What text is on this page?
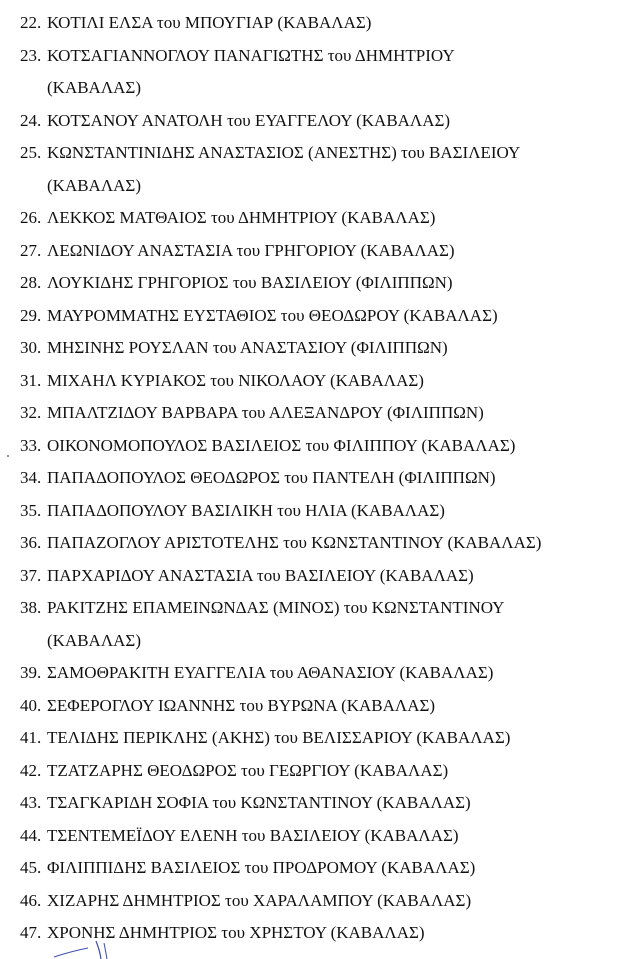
22. ΚΟΤΙΛΙ ΕΛΣΑ του ΜΠΟΥΓΙΑΡ (ΚΑΒΑΛΑΣ)
23. ΚΟΤΣΑΓΙΑΝΝΟΓΛΟΥ ΠΑΝΑΓΙΩΤΗΣ του ΔΗΜΗΤΡΙΟΥ
(ΚΑΒΑΛΑΣ)
24. ΚΟΤΣΑΝΟΥ ΑΝΑΤΟΛΗ του ΕΥΑΓΓΕΛΟΥ (ΚΑΒΑΛΑΣ)
25. ΚΩΝΣΤΑΝΤΙΝΙΔΗΣ ΑΝΑΣΤΑΣΙΟΣ (ΑΝΕΣΤΗΣ) του ΒΑΣΙΛΕΙΟΥ
(ΚΑΒΑΛΑΣ)
26. ΛΕΚΚΟΣ ΜΑΤΘΑΙΟΣ του ΔΗΜΗΤΡΙΟΥ (ΚΑΒΑΛΑΣ)
27. ΛΕΩΝΙΔΟΥ ΑΝΑΣΤΑΣΙΑ του ΓΡΗΓΟΡΙΟΥ (ΚΑΒΑΛΑΣ)
28. ΛΟΥΚΙΔΗΣ ΓΡΗΓΟΡΙΟΣ του ΒΑΣΙΛΕΙΟΥ (ΦΙΛΙΠΠΩΝ)
29. ΜΑΥΡΟΜΜΑΤΗΣ ΕΥΣΤΑΘΙΟΣ του ΘΕΟΔΩΡΟΥ (ΚΑΒΑΛΑΣ)
30. ΜΗΣΙΝΗΣ ΡΟΥΣΛΑΝ του ΑΝΑΣΤΑΣΙΟΥ (ΦΙΛΙΠΠΩΝ)
31. ΜΙΧΑΗΛ ΚΥΡΙΑΚΟΣ του ΝΙΚΟΛΑΟΥ (ΚΑΒΑΛΑΣ)
32. ΜΠΑΛΤΖΙΔΟΥ ΒΑΡΒΑΡΑ του ΑΛΕΞΑΝΔΡΟΥ (ΦΙΛΙΠΠΩΝ)
33. ΟΙΚΟΝΟΜΟΠΟΥΛΟΣ ΒΑΣΙΛΕΙΟΣ του ΦΙΛΙΠΠΟΥ (ΚΑΒΑΛΑΣ)
34. ΠΑΠΑΔΟΠΟΥΛΟΣ ΘΕΟΔΩΡΟΣ του ΠΑΝΤΕΛΗ (ΦΙΛΙΠΠΩΝ)
35. ΠΑΠΑΔΟΠΟΥΛΟΥ ΒΑΣΙΛΙΚΗ του ΗΛΙΑ (ΚΑΒΑΛΑΣ)
36. ΠΑΠΑΖΟΓΛΟΥ ΑΡΙΣΤΟΤΕΛΗΣ του ΚΩΝΣΤΑΝΤΙΝΟΥ (ΚΑΒΑΛΑΣ)
37. ΠΑΡΧΑΡΙΔΟΥ ΑΝΑΣΤΑΣΙΑ του ΒΑΣΙΛΕΙΟΥ (ΚΑΒΑΛΑΣ)
38. ΡΑΚΙΤΖΗΣ ΕΠΑΜΕΙΝΩΝΔΑΣ (ΜΙΝΟΣ) του ΚΩΝΣΤΑΝΤΙΝΟΥ
(ΚΑΒΑΛΑΣ)
39. ΣΑΜΟΘΡΑΚΙΤΗ ΕΥΑΓΓΕΛΙΑ του ΑΘΑΝΑΣΙΟΥ (ΚΑΒΑΛΑΣ)
40. ΣΕΦΕΡΟΓΛΟΥ ΙΩΑΝΝΗΣ του ΒΥΡΩΝΑ (ΚΑΒΑΛΑΣ)
41. ΤΕΛΙΔΗΣ ΠΕΡΙΚΛΗΣ (ΑΚΗΣ) του ΒΕΛΙΣΣΑΡΙΟΥ (ΚΑΒΑΛΑΣ)
42. ΤΖΑΤΖΑΡΗΣ ΘΕΟΔΩΡΟΣ του ΓΕΩΡΓΙΟΥ (ΚΑΒΑΛΑΣ)
43. ΤΣΑΓΚΑΡΙΔΗ ΣΟΦΙΑ του ΚΩΝΣΤΑΝΤΙΝΟΥ (ΚΑΒΑΛΑΣ)
44. ΤΣΕΝΤΕΜΕΪΔΟΥ ΕΛΕΝΗ του ΒΑΣΙΛΕΙΟΥ (ΚΑΒΑΛΑΣ)
45. ΦΙΛΙΠΠΙΔΗΣ ΒΑΣΙΛΕΙΟΣ του ΠΡΟΔΡΟΜΟΥ (ΚΑΒΑΛΑΣ)
46. ΧΙΖΑΡΗΣ ΔΗΜΗΤΡΙΟΣ του ΧΑΡΑΛΑΜΠΟΥ (ΚΑΒΑΛΑΣ)
47. ΧΡΟΝΗΣ ΔΗΜΗΤΡΙΟΣ του ΧΡΗΣΤΟΥ (ΚΑΒΑΛΑΣ)
